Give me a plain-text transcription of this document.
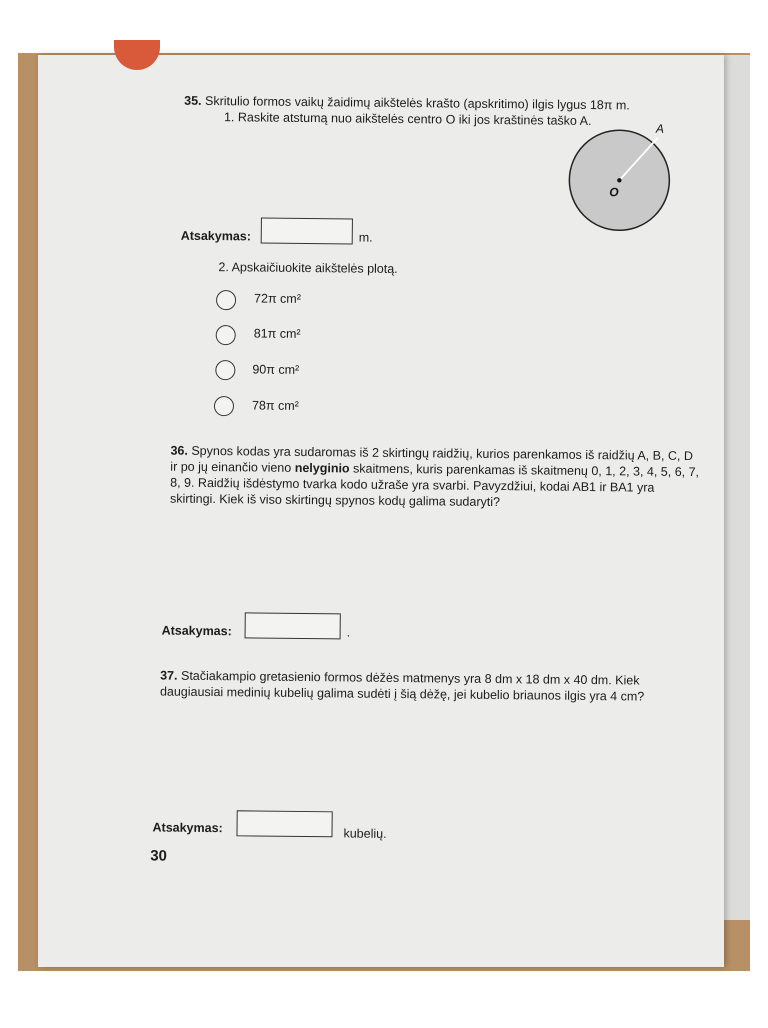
35. Skritulio formos vaikų žaidimų aikštelės krašto (apskritimo) ilgis lygus 18π m.
1. Raskite atstumą nuo aikštelės centro O iki jos kraštinės taško A.
A
O
Atsakymas:	m.
2. Apskaičiuokite aikštelės plotą.
72π cm²
81π cm²
90π cm²
78π cm²
36. Spynos kodas yra sudaromas iš 2 skirtingų raidžių, kurios parenkamos iš raidžių A, B, C, D ir po jų einančio vieno nelyginio skaitmens, kuris parenkamas iš skaitmenų 0, 1, 2, 3, 4, 5, 6, 7, 8, 9. Raidžių išdėstymo tvarka kodo užraše yra svarbi. Pavyzdžiui, kodai AB1 ir BA1 yra skirtingi. Kiek iš viso skirtingų spynos kodų galima sudaryti?
Atsakymas:	.
37. Stačiakampio gretasienio formos dėžės matmenys yra 8 dm x 18 dm x 40 dm. Kiek daugiausiai medinių kubelių galima sudėti į šią dėžę, jei kubelio briaunos ilgis yra 4 cm?
Atsakymas:	kubelių.
30
